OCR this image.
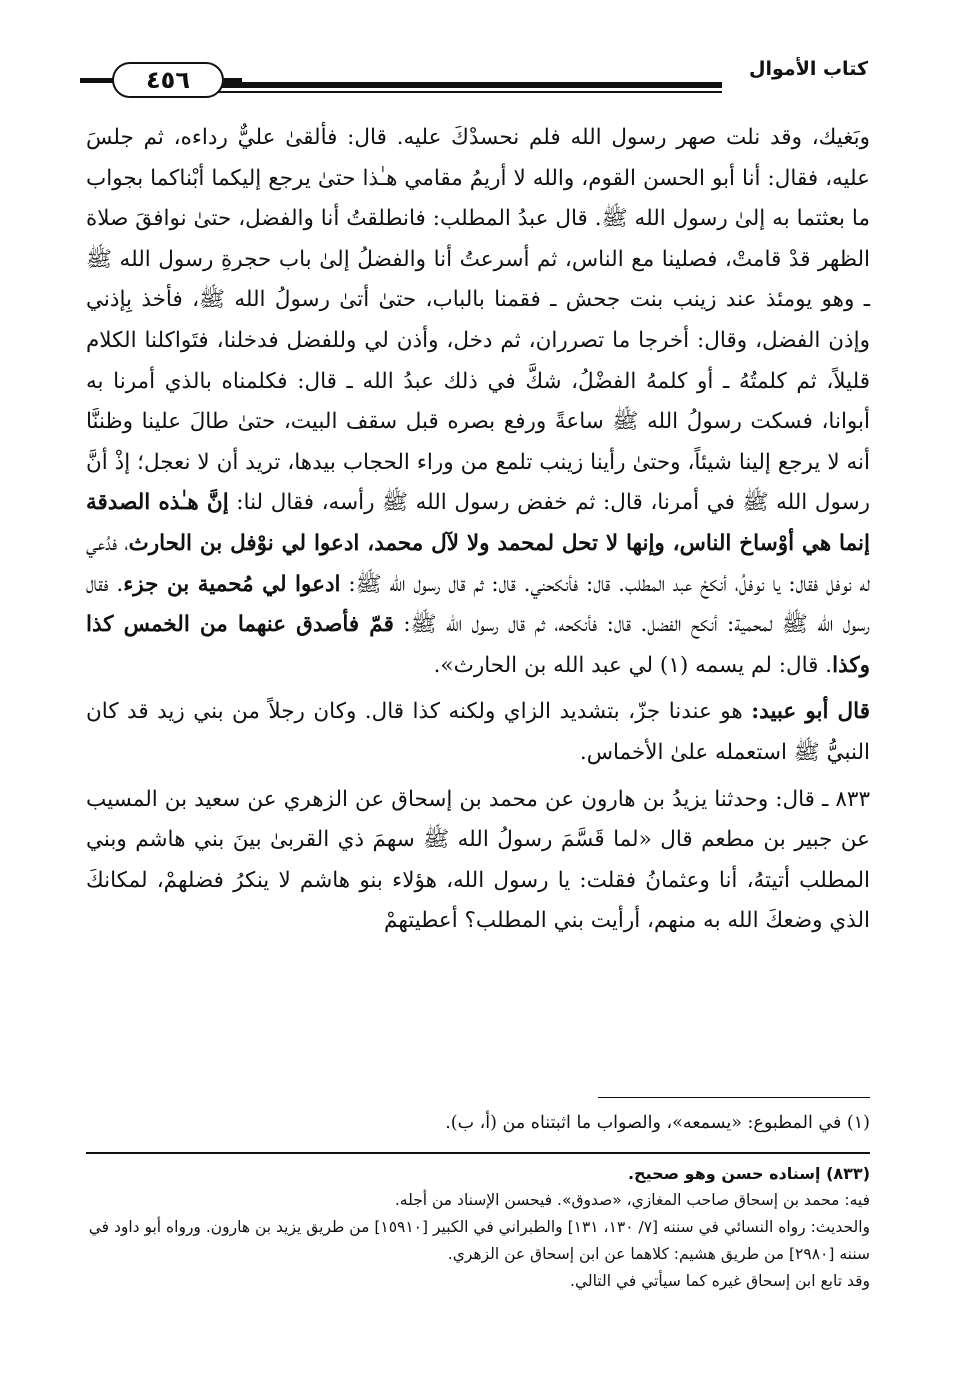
كتاب الأموال
٤٥٦
وبَغيك، وقد نلت صهر رسول الله فلم نحسدْكَ عليه. قال: فألقىٰ عليٌّ رداءه، ثم جلسَ عليه، فقال: أنا أبو الحسن القوم، والله لا أريمُ مقامي هـٰذا حتىٰ يرجع إليكما أبْناكما بجواب ما بعثتما به إلىٰ رسول الله ﷺ. قال عبدُ المطلب: فانطلقتُ أنا والفضل، حتىٰ نوافقَ صلاة الظهر قدْ قامتْ، فصلينا مع الناس، ثم أسرعتُ أنا والفضلُ إلىٰ باب حجرةِ رسول الله ﷺ ـ وهو يومئذ عند زينب بنت جحش ـ فقمنا بالباب، حتىٰ أتىٰ رسولُ الله ﷺ، فأخذ بِإذني وإذن الفضل، وقال: أخرجا ما تصرران، ثم دخل، وأذن لي وللفضل فدخلنا، فتَواكلنا الكلام قليلاً، ثم كلمتُهُ ـ أو كلمهُ الفضْلُ، شكَّ في ذلك عبدُ الله ـ قال: فكلمناه بالذي أمرنا به أبوانا، فسكت رسولُ الله ﷺ ساعةً ورفع بصره قبل سقف البيت، حتىٰ طالَ علينا وظننَّا أنه لا يرجع إلينا شيئاً، وحتىٰ رأينا زينب تلمع من وراء الحجاب بيدها، تريد أن لا نعجل؛ إذْ أنَّ رسول الله ﷺ في أمرنا، قال: ثم خفض رسول الله ﷺ رأسه، فقال لنا: إنَّ هـٰذه الصدقة إنما هي أوْساخ الناس، وإنها لا تحل لمحمد ولا لآل محمد، ادعوا لي نوْفل بن الحارث، فدُعي له نوفل فقال: يا نوفلُ، أنكحْ عبد المطلب. قال: فأنكحني. قال: ثم قال رسول الله ﷺ: ادعوا لي مُحمية بن جزء. فقال رسول الله ﷺ لمحمية: أنكح الفضل. قال: فأنكحه، ثم قال رسول الله ﷺ: قمّ فأصدق عنهما من الخمس كذا وكذا. قال: لم يسمه (١) لي عبد الله بن الحارث».
قال أبو عبيد: هو عندنا جزّ، بتشديد الزاي ولكنه كذا قال. وكان رجلاً من بني زيد قد كان النبيُّ ﷺ استعمله علىٰ الأخماس.
٨٣٣ ـ قال: وحدثنا يزيدُ بن هارون عن محمد بن إسحاق عن الزهري عن سعيد بن المسيب عن جبير بن مطعم قال «لما قَسَّمَ رسولُ الله ﷺ سهمَ ذي القربىٰ بينَ بني هاشم وبني المطلب أتيتهُ، أنا وعثمانُ فقلت: يا رسول الله، هؤلاء بنو هاشم لا ينكرُ فضلهمْ، لمكانكَ الذي وضعكَ الله به منهم، أرأيت بني المطلب؟ أعطيتهمْ
(١) في المطبوع: «يسمعه»، والصواب ما اثبتناه من (أ، ب).
(٨٣٣) إسناده حسن وهو صحيح.
فيه: محمد بن إسحاق صاحب المغازي، «صدوق». فيحسن الإسناد من أجله.
والحديث: رواه النسائي في سننه [٧/ ١٣٠، ١٣١] والطبراني في الكبير [١٥٩١٠] من طريق يزيد بن هارون. ورواه أبو داود في سننه [٢٩٨٠] من طريق هشيم: كلاهما عن ابن إسحاق عن الزهري.
وقد تابع ابن إسحاق غيره كما سيأتي في التالي.
